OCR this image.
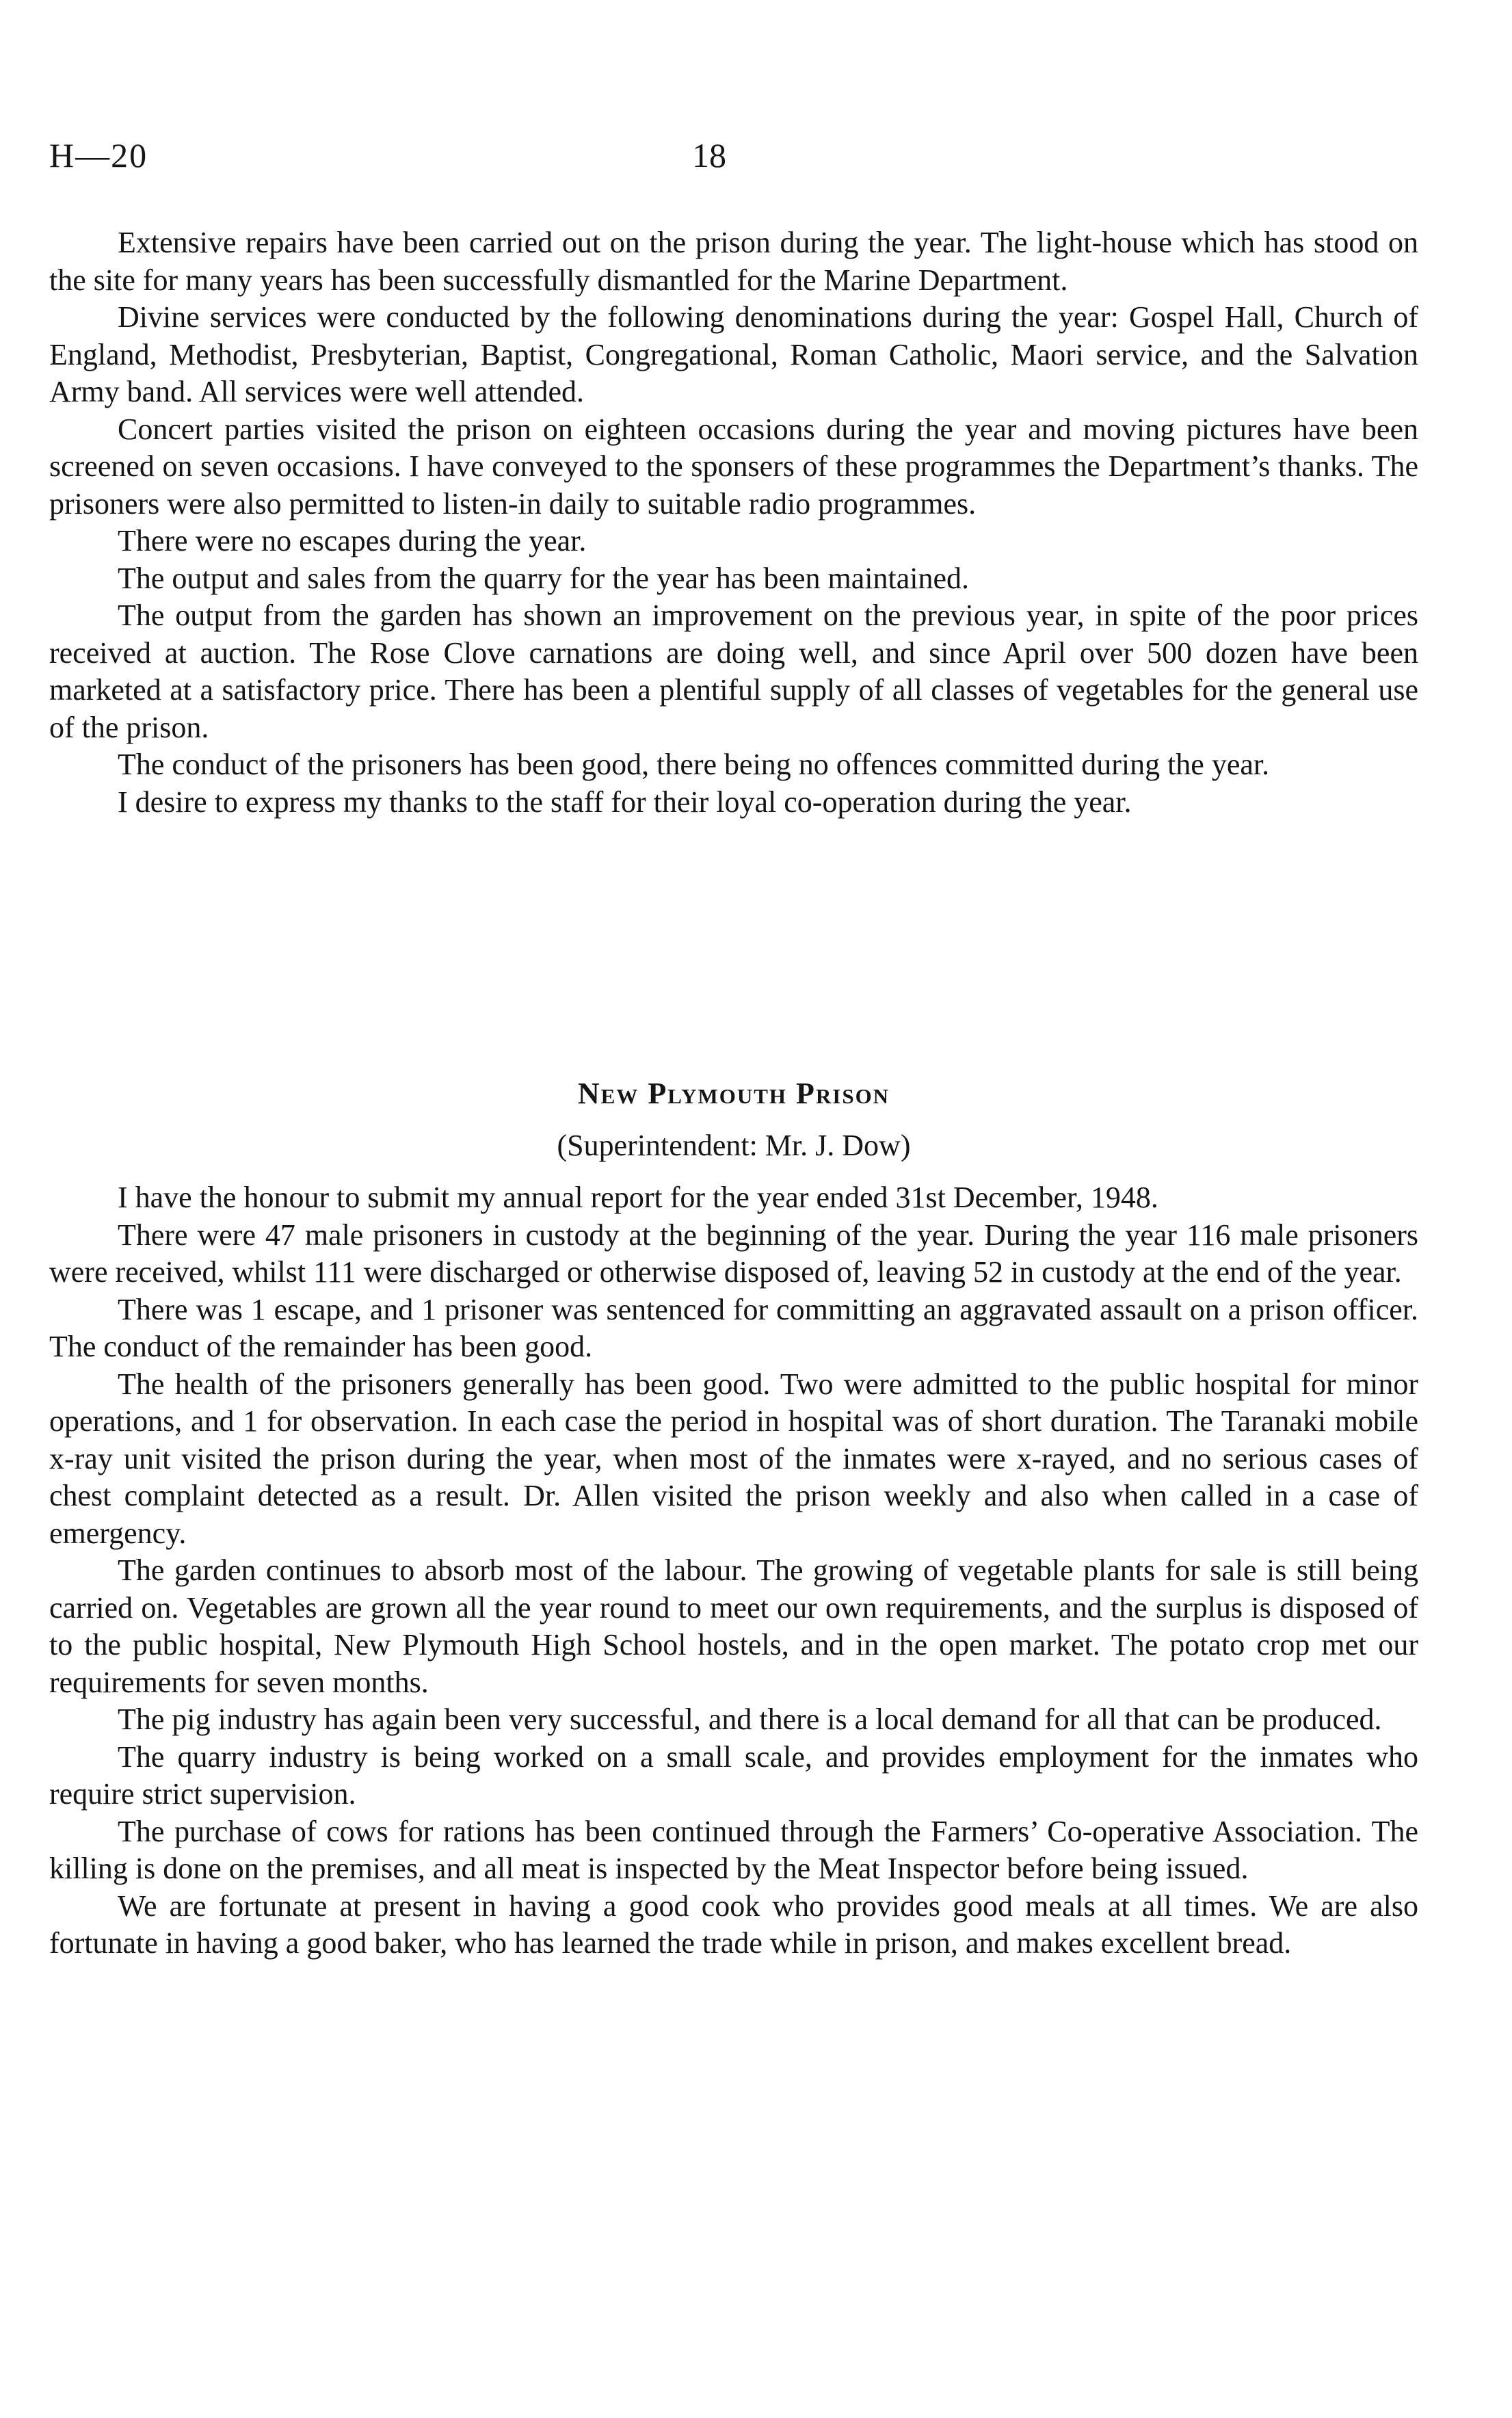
H—20	18

Extensive repairs have been carried out on the prison during the year. The light-house which has stood on the site for many years has been successfully dismantled for the Marine Department.

Divine services were conducted by the following denominations during the year: Gospel Hall, Church of England, Methodist, Presbyterian, Baptist, Congregational, Roman Catholic, Maori service, and the Salvation Army band. All services were well attended.

Concert parties visited the prison on eighteen occasions during the year and moving pictures have been screened on seven occasions. I have conveyed to the sponsers of these programmes the Department’s thanks. The prisoners were also permitted to listen-in daily to suitable radio programmes.

There were no escapes during the year.

The output and sales from the quarry for the year has been maintained.

The output from the garden has shown an improvement on the previous year, in spite of the poor prices received at auction. The Rose Clove carnations are doing well, and since April over 500 dozen have been marketed at a satisfactory price. There has been a plentiful supply of all classes of vegetables for the general use of the prison.

The conduct of the prisoners has been good, there being no offences committed during the year.

I desire to express my thanks to the staff for their loyal co-operation during the year.

New Plymouth Prison
(Superintendent: Mr. J. Dow)

I have the honour to submit my annual report for the year ended 31st December, 1948.

There were 47 male prisoners in custody at the beginning of the year. During the year 116 male prisoners were received, whilst 111 were discharged or otherwise disposed of, leaving 52 in custody at the end of the year.

There was 1 escape, and 1 prisoner was sentenced for committing an aggravated assault on a prison officer. The conduct of the remainder has been good.

The health of the prisoners generally has been good. Two were admitted to the public hospital for minor operations, and 1 for observation. In each case the period in hospital was of short duration. The Taranaki mobile x-ray unit visited the prison during the year, when most of the inmates were x-rayed, and no serious cases of chest complaint detected as a result. Dr. Allen visited the prison weekly and also when called in a case of emergency.

The garden continues to absorb most of the labour. The growing of vegetable plants for sale is still being carried on. Vegetables are grown all the year round to meet our own requirements, and the surplus is disposed of to the public hospital, New Plymouth High School hostels, and in the open market. The potato crop met our requirements for seven months.

The pig industry has again been very successful, and there is a local demand for all that can be produced.

The quarry industry is being worked on a small scale, and provides employment for the inmates who require strict supervision.

The purchase of cows for rations has been continued through the Farmers’ Co-operative Association. The killing is done on the premises, and all meat is inspected by the Meat Inspector before being issued.

We are fortunate at present in having a good cook who provides good meals at all times. We are also fortunate in having a good baker, who has learned the trade while in prison, and makes excellent bread.
